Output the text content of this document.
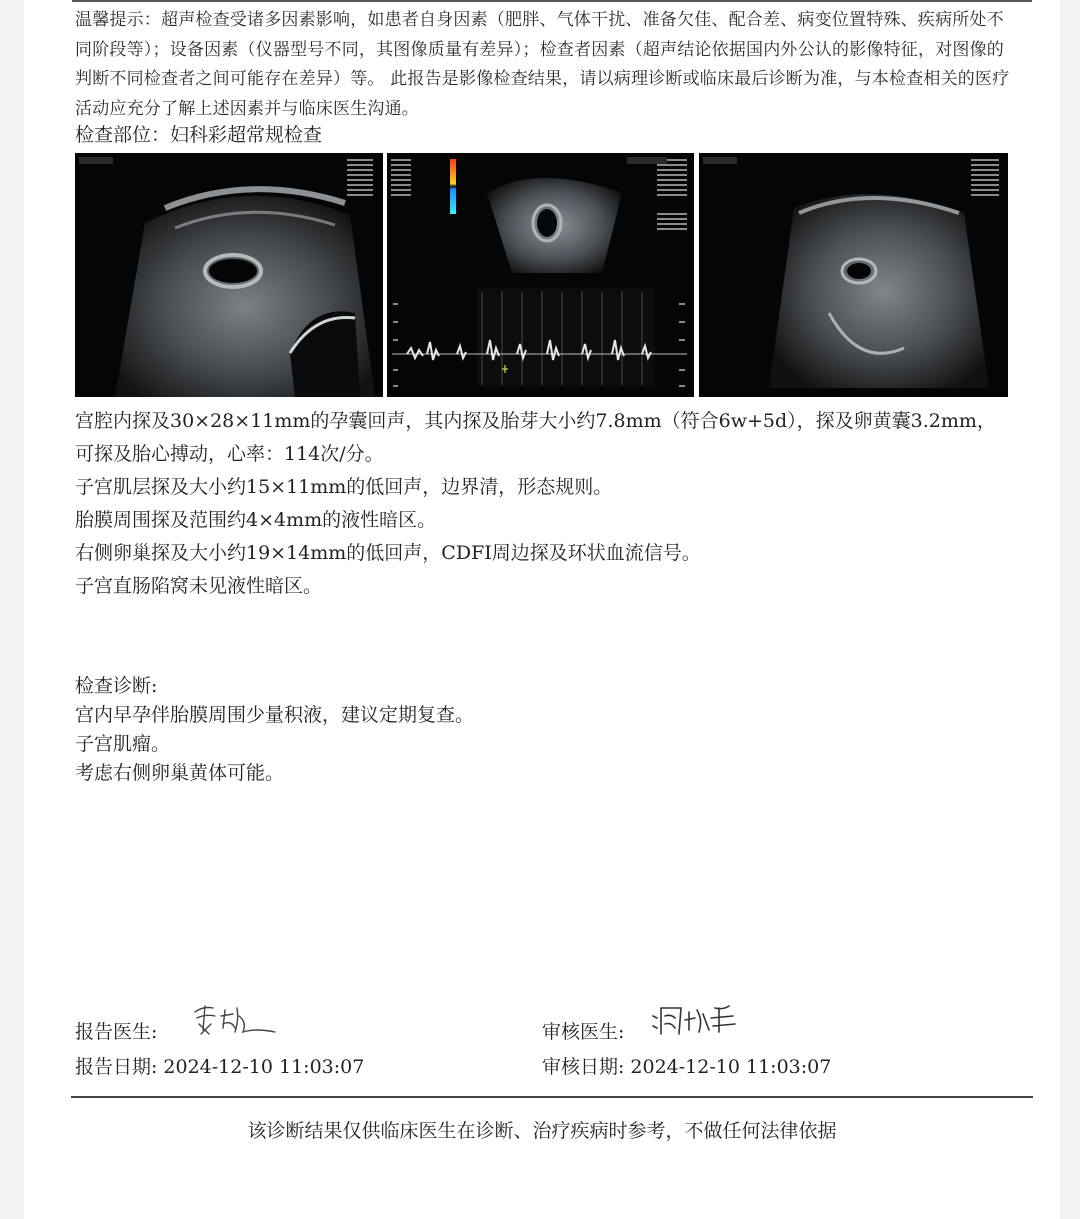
温馨提示：超声检查受诸多因素影响，如患者自身因素（肥胖、气体干扰、准备欠佳、配合差、病变位置特殊、疾病所处不同阶段等）；设备因素（仪器型号不同，其图像质量有差异）；检查者因素（超声结论依据国内外公认的影像特征，对图像的判断不同检查者之间可能存在差异）等。 此报告是影像检查结果，请以病理诊断或临床最后诊断为准，与本检查相关的医疗活动应充分了解上述因素并与临床医生沟通。

检查部位：妇科彩超常规检查

宫腔内探及30×28×11mm的孕囊回声，其内探及胎芽大小约7.8mm（符合6w+5d），探及卵黄囊3.2mm，
可探及胎心搏动，心率：114次/分。
子宫肌层探及大小约15×11mm的低回声，边界清，形态规则。
胎膜周围探及范围约4×4mm的液性暗区。
右侧卵巢探及大小约19×14mm的低回声，CDFI周边探及环状血流信号。
子宫直肠陷窝未见液性暗区。
检查诊断:
宫内早孕伴胎膜周围少量积液，建议定期复查。
子宫肌瘤。
考虑右侧卵巢黄体可能。
报告医生:	审核医生:
报告日期: 2024-12-10 11:03:07	审核日期: 2024-12-10 11:03:07
该诊断结果仅供临床医生在诊断、治疗疾病时参考，不做任何法律依据
